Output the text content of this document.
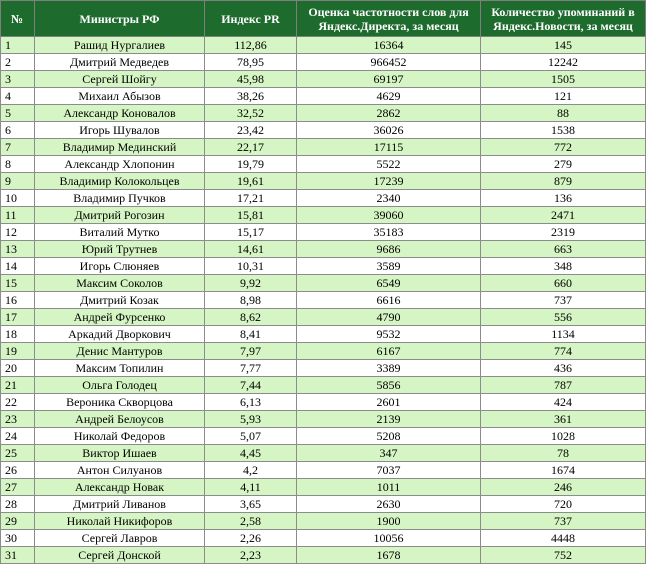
№	Министры РФ	Индекс PR	Оценка частотности слов для Яндекс.Директа, за месяц	Количество упоминаний в Яндекс.Новости, за месяц
1	Рашид Нургалиев	112,86	16364	145
2	Дмитрий Медведев	78,95	966452	12242
3	Сергей Шойгу	45,98	69197	1505
4	Михаил Абызов	38,26	4629	121
5	Александр Коновалов	32,52	2862	88
6	Игорь Шувалов	23,42	36026	1538
7	Владимир Мединский	22,17	17115	772
8	Александр Хлопонин	19,79	5522	279
9	Владимир Колокольцев	19,61	17239	879
10	Владимир Пучков	17,21	2340	136
11	Дмитрий Рогозин	15,81	39060	2471
12	Виталий Мутко	15,17	35183	2319
13	Юрий Трутнев	14,61	9686	663
14	Игорь Слюняев	10,31	3589	348
15	Максим Соколов	9,92	6549	660
16	Дмитрий Козак	8,98	6616	737
17	Андрей Фурсенко	8,62	4790	556
18	Аркадий Дворкович	8,41	9532	1134
19	Денис Мантуров	7,97	6167	774
20	Максим Топилин	7,77	3389	436
21	Ольга Голодец	7,44	5856	787
22	Вероника Скворцова	6,13	2601	424
23	Андрей Белоусов	5,93	2139	361
24	Николай Федоров	5,07	5208	1028
25	Виктор Ишаев	4,45	347	78
26	Антон Силуанов	4,2	7037	1674
27	Александр Новак	4,11	1011	246
28	Дмитрий Ливанов	3,65	2630	720
29	Николай Никифоров	2,58	1900	737
30	Сергей Лавров	2,26	10056	4448
31	Сергей Донской	2,23	1678	752
